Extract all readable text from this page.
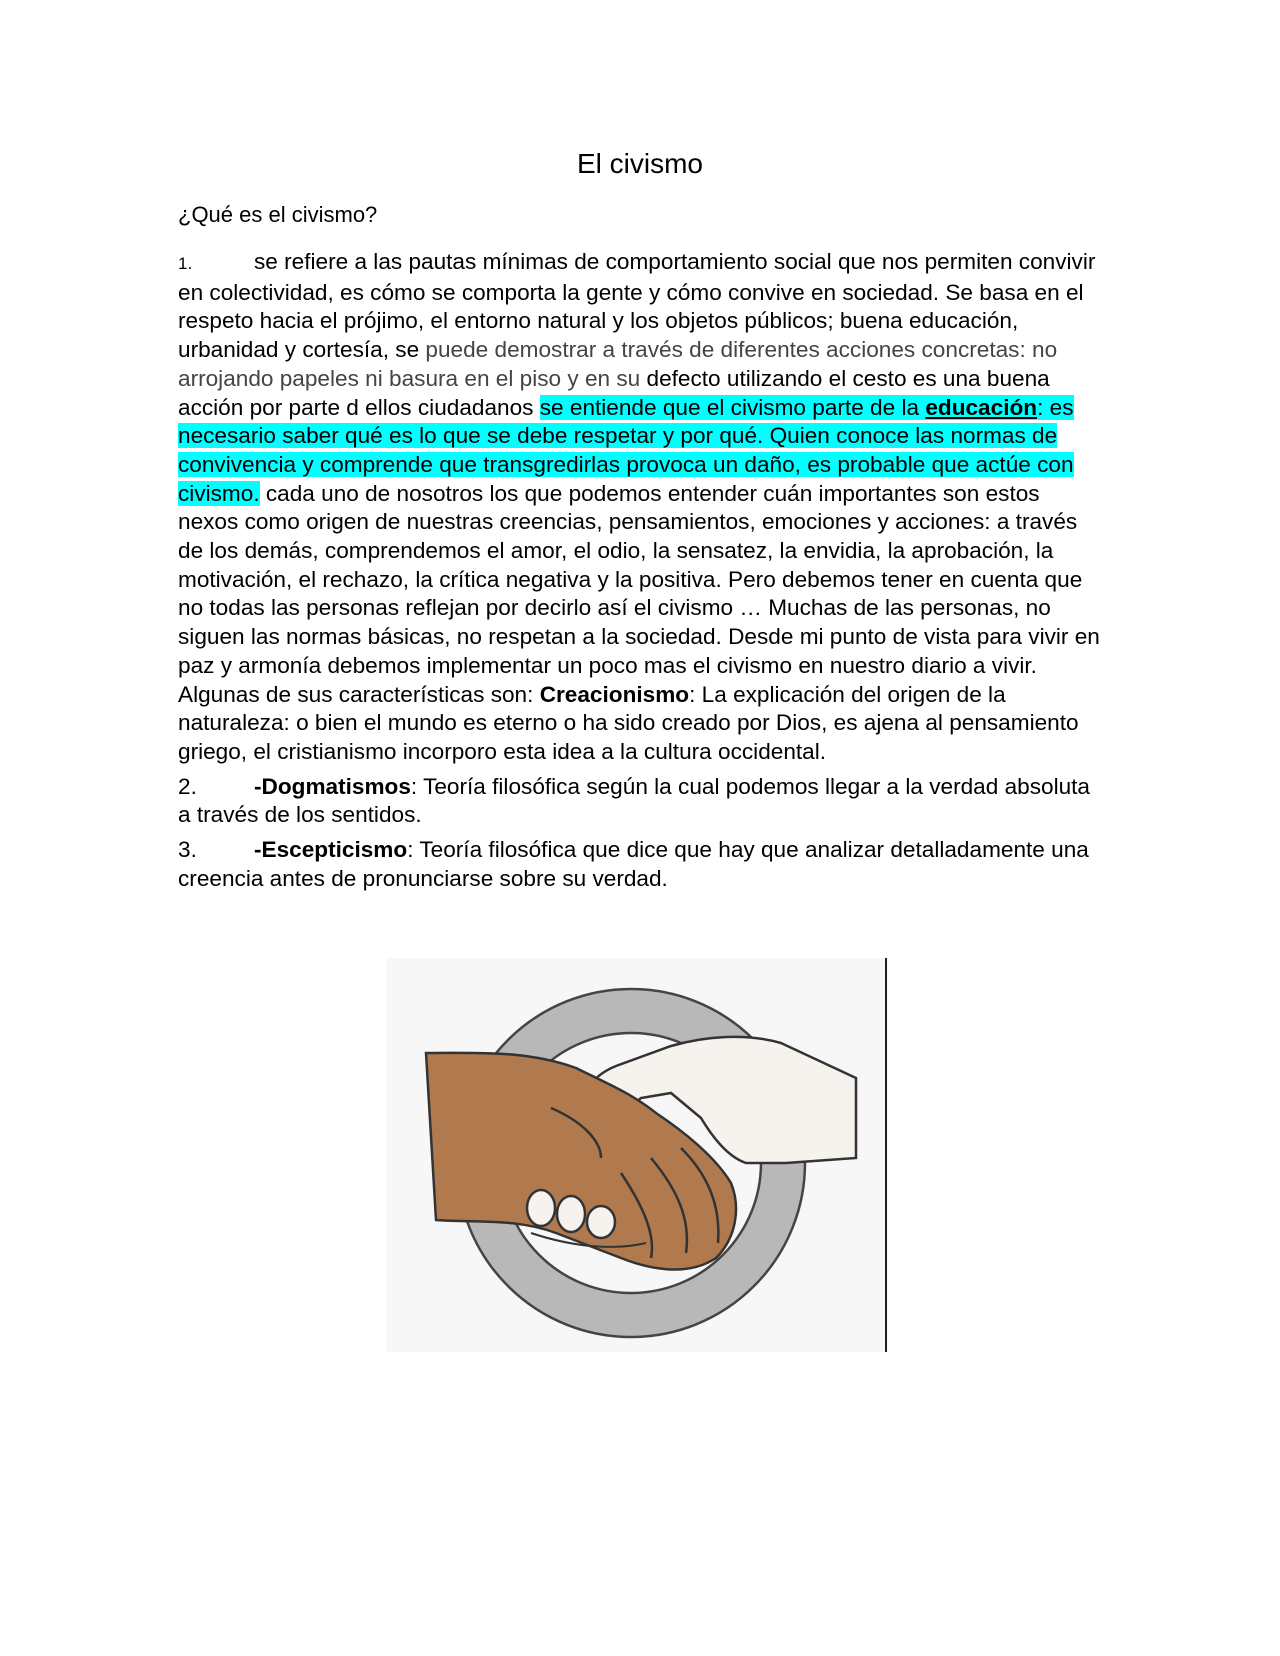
El civismo
¿Qué es el civismo?

1.	se refiere a las pautas mínimas de comportamiento social que nos permiten convivir en colectividad, es cómo se comporta la gente y cómo convive en sociedad. Se basa en el respeto hacia el prójimo, el entorno natural y los objetos públicos; buena educación, urbanidad y cortesía, se puede demostrar a través de diferentes acciones concretas: no arrojando papeles ni basura en el piso y en su defecto utilizando el cesto es una buena acción por parte d ellos ciudadanos se entiende que el civismo parte de la educación: es necesario saber qué es lo que se debe respetar y por qué. Quien conoce las normas de convivencia y comprende que transgredirlas provoca un daño, es probable que actúe con civismo. cada uno de nosotros los que podemos entender cuán importantes son estos nexos como origen de nuestras creencias, pensamientos, emociones y acciones: a través de los demás, comprendemos el amor, el odio, la sensatez, la envidia, la aprobación, la motivación, el rechazo, la crítica negativa y la positiva. Pero debemos tener en cuenta que no todas las personas reflejan por decirlo así el civismo … Muchas de las personas, no siguen las normas básicas, no respetan a la sociedad. Desde mi punto de vista para vivir en paz y armonía debemos implementar un poco mas el civismo en nuestro diario a vivir. Algunas de sus características son: Creacionismo: La explicación del origen de la naturaleza: o bien el mundo es eterno o ha sido creado por Dios, es ajena al pensamiento griego, el cristianismo incorporo esta idea a la cultura occidental.

2.	-Dogmatismos: Teoría filosófica según la cual podemos llegar a la verdad absoluta a través de los sentidos.

3.	-Escepticismo: Teoría filosófica que dice que hay que analizar detalladamente una creencia antes de pronunciarse sobre su verdad.
